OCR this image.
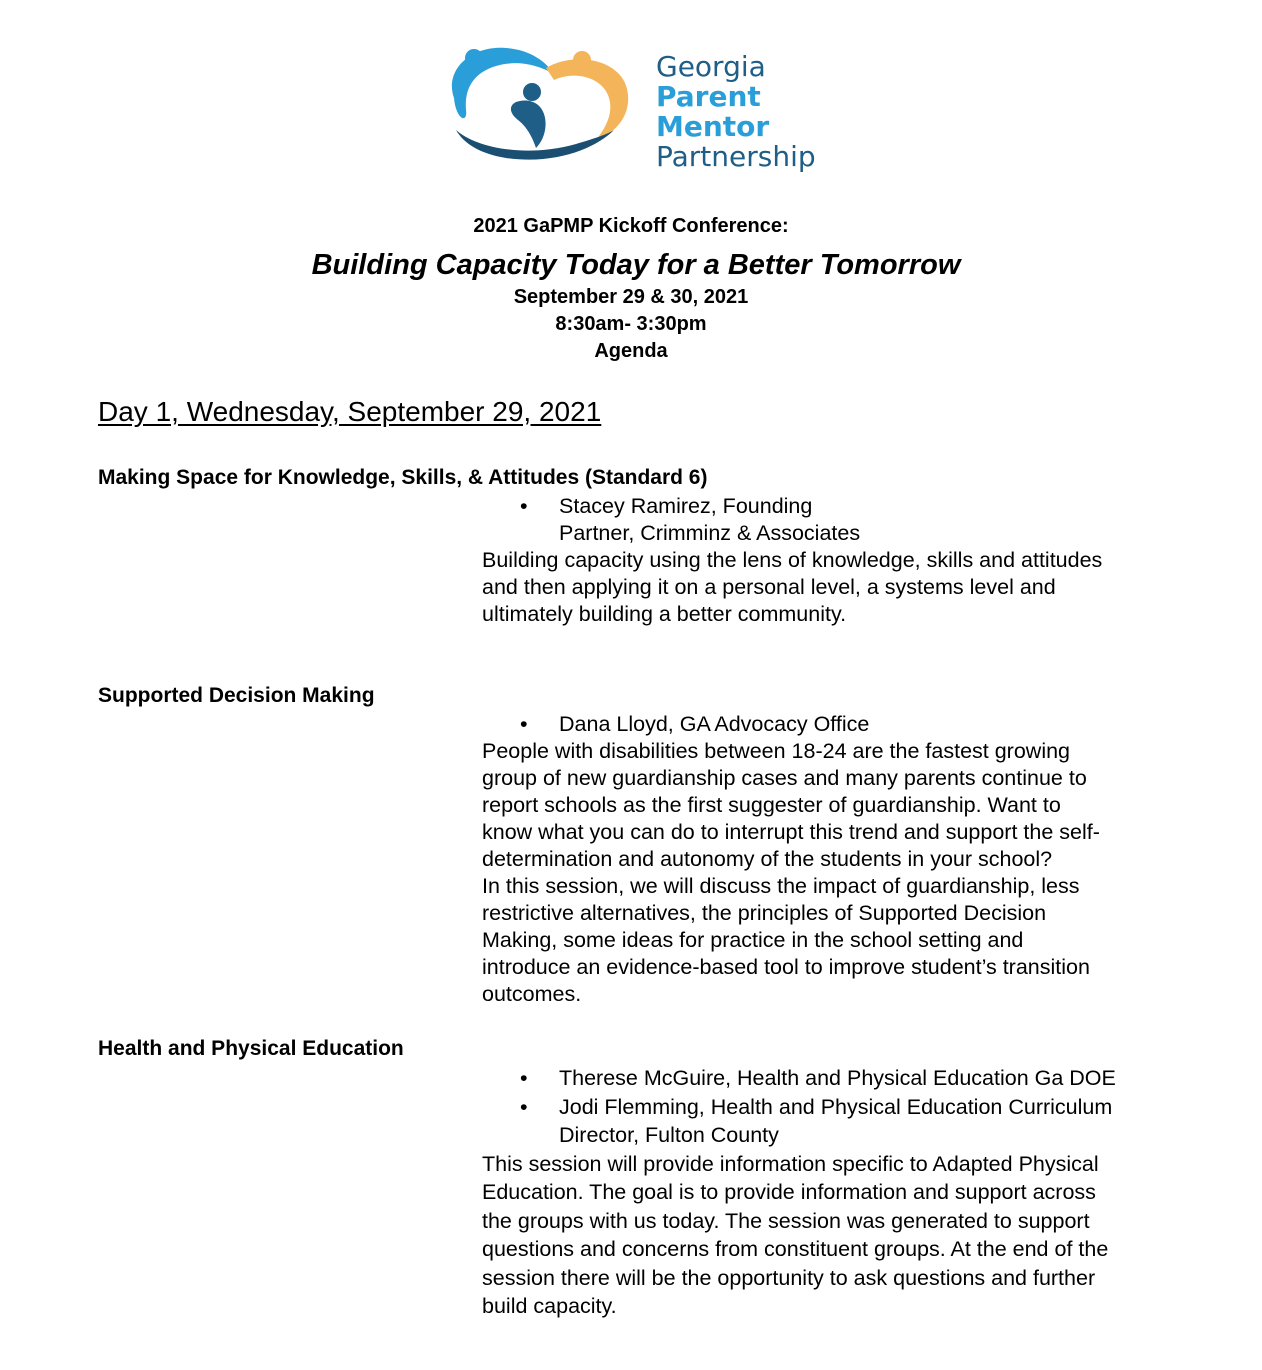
Georgia
Parent Mentor
Partnership
2021 GaPMP Kickoff Conference:
Building Capacity Today for a Better Tomorrow
September 29 & 30, 2021
8:30am- 3:30pm
Agenda
Day 1, Wednesday, September 29, 2021
Making Space for Knowledge, Skills, & Attitudes (Standard 6)
• Stacey Ramirez, Founding
Partner, Crimminz & Associates
Building capacity using the lens of knowledge, skills and attitudes
and then applying it on a personal level, a systems level and
ultimately building a better community.
Supported Decision Making
• Dana Lloyd, GA Advocacy Office
People with disabilities between 18-24 are the fastest growing
group of new guardianship cases and many parents continue to
report schools as the first suggester of guardianship. Want to
know what you can do to interrupt this trend and support the self-
determination and autonomy of the students in your school?
In this session, we will discuss the impact of guardianship, less
restrictive alternatives, the principles of Supported Decision
Making, some ideas for practice in the school setting and
introduce an evidence-based tool to improve student’s transition
outcomes.
Health and Physical Education
• Therese McGuire, Health and Physical Education Ga DOE
• Jodi Flemming, Health and Physical Education Curriculum
Director, Fulton County
This session will provide information specific to Adapted Physical
Education. The goal is to provide information and support across
the groups with us today. The session was generated to support
questions and concerns from constituent groups. At the end of the
session there will be the opportunity to ask questions and further
build capacity.
